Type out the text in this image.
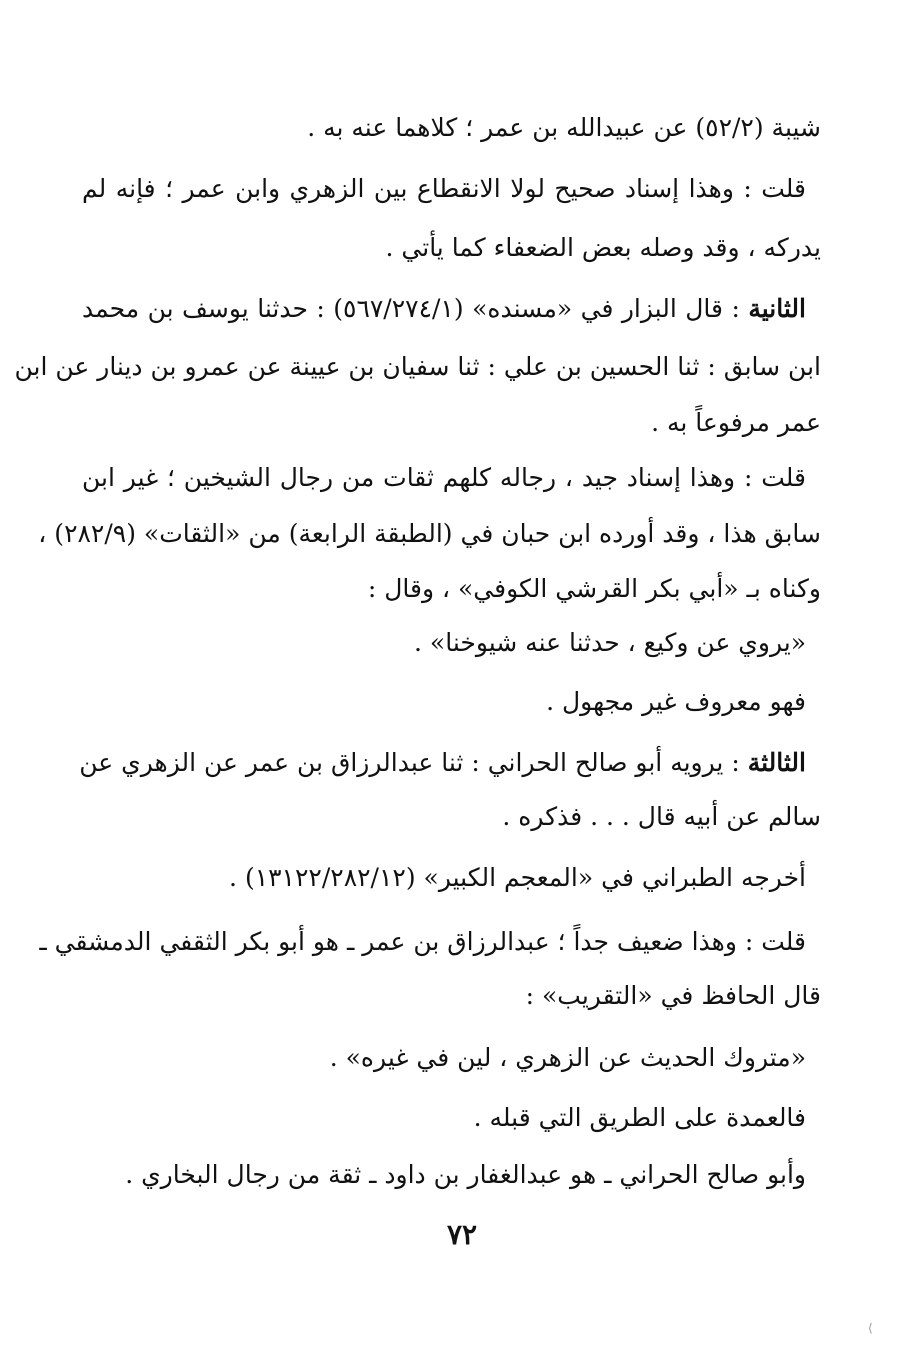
شيبة (٥٢/٢) عن عبيدالله بن عمر ؛ كلاهما عنه به .
قلت : وهذا إسناد صحيح لولا الانقطاع بين الزهري وابن عمر ؛ فإنه لم
يدركه ، وقد وصله بعض الضعفاء كما يأتي .
الثانية : قال البزار في «مسنده» (٥٦٧/٢٧٤/١) : حدثنا يوسف بن محمد
ابن سابق : ثنا الحسين بن علي : ثنا سفيان بن عيينة عن عمرو بن دينار عن ابن
عمر مرفوعاً به .
قلت : وهذا إسناد جيد ، رجاله كلهم ثقات من رجال الشيخين ؛ غير ابن
سابق هذا ، وقد أورده ابن حبان في (الطبقة الرابعة) من «الثقات» (٢٨٢/٩) ،
وكناه بـ «أبي بكر القرشي الكوفي» ، وقال :
«يروي عن وكيع ، حدثنا عنه شيوخنا» .
فهو معروف غير مجهول .
الثالثة : يرويه أبو صالح الحراني : ثنا عبدالرزاق بن عمر عن الزهري عن
سالم عن أبيه قال . . . فذكره .
أخرجه الطبراني في «المعجم الكبير» (١٣١٢٢/٢٨٢/١٢) .
قلت : وهذا ضعيف جداً ؛ عبدالرزاق بن عمر ـ هو أبو بكر الثقفي الدمشقي ـ
قال الحافظ في «التقريب» :
«متروك الحديث عن الزهري ، لين في غيره» .
فالعمدة على الطريق التي قبله .
وأبو صالح الحراني ـ هو عبدالغفار بن داود ـ ثقة من رجال البخاري .
٧٢
⟩
